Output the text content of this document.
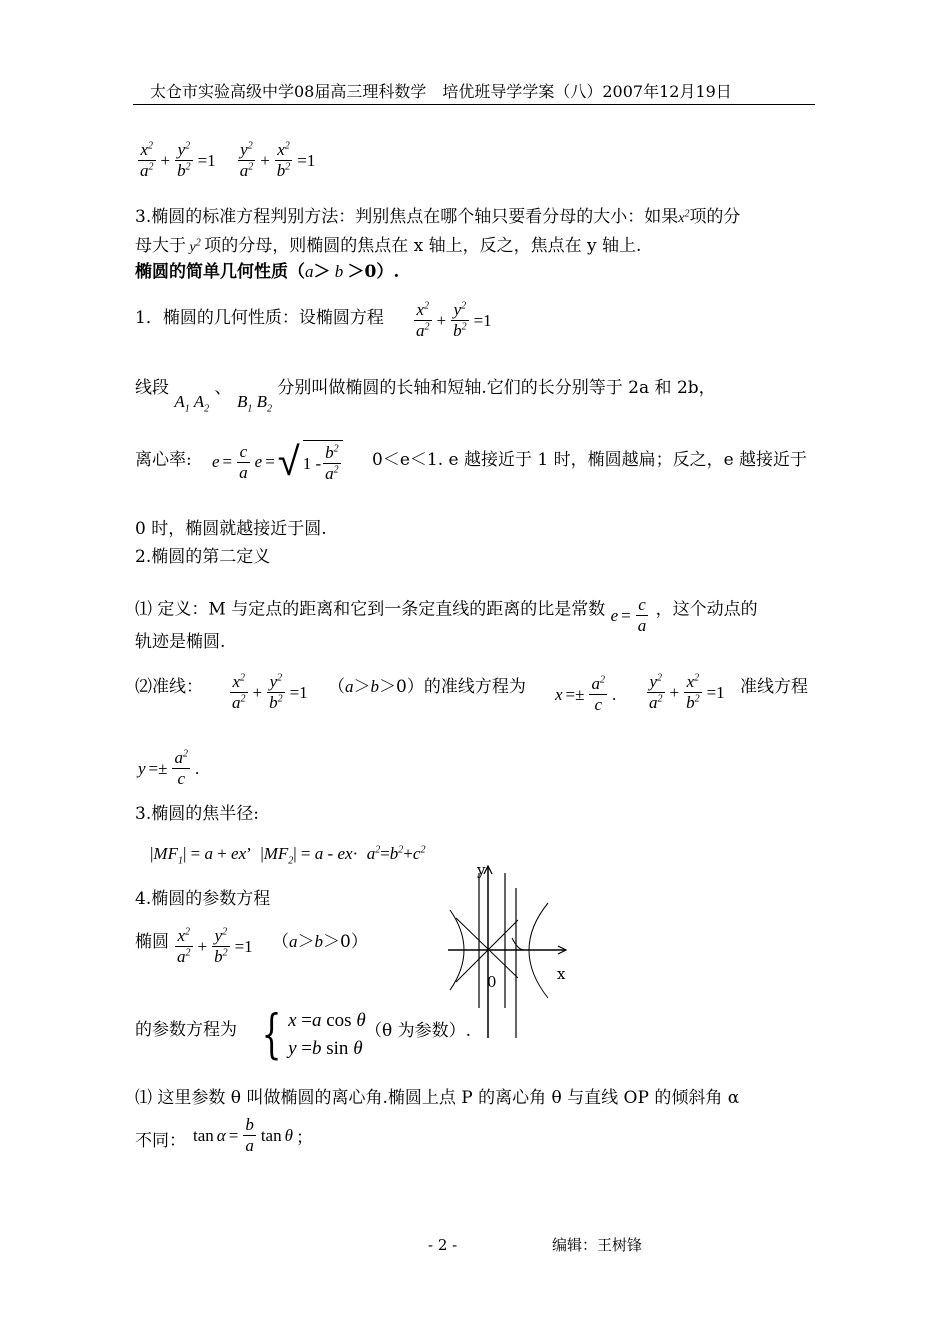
太仓市实验高级中学08届高三理科数学　培优班导学学案（八）2007年12月19日
$\frac{x^2}{a^2} + \frac{y^2}{b^2} =1 \frac{y^2}{a^2} + \frac{x^2}{b^2} =1$
3.椭圆的标准方程判别方法：判别焦点在哪个轴只要看分母的大小：如果$x^2$项的分
母大于 $y^2$ 项的分母，则椭圆的焦点在 x 轴上，反之，焦点在 y 轴上.
椭圆的简单几何性质（a＞ b ＞0）.
1．椭圆的几何性质：设椭圆方程 $\frac{x^2}{a^2} + \frac{y^2}{b^2} =1$
线段 $A_1$ $A_2$ 、 $B_1$ $B_2$ 分别叫做椭圆的长轴和短轴.它们的长分别等于 2a 和 2b，
离心率: $e = \frac{c}{a}$ e = √ $1 - \frac{b^2}{a^2} 0<e<1$. e 越接近于 1 时，椭圆越扁；反之，e 越接近于
0 时，椭圆就越接近于圆.
2.椭圆的第二定义
⑴ 定义：M 与定点的距离和它到一条定直线的距离的比是常数 $e = \frac{c}{a}$ ，这个动点的
轨迹是椭圆.
⑵准线： $\frac{x^2}{a^2} + \frac{y^2}{b^2} =1$ （a＞b＞0）的准线方程为 $x =\pm \frac{a^2}{c}$ . $\frac{y^2}{a^2} + \frac{x^2}{b^2} =1$ 准线方程
$y =\pm \frac{a^2}{c}$ .
3.椭圆的焦半径:
$|MF_1| = a$ + ex’ $|MF_2| = a - ex\cdot a^2=b^2+c^2$
4.椭圆的参数方程
椭圆 $\frac{x^2}{a^2} + \frac{y^2}{b^2} =1$ （a＞b＞0）
y
x
0
的参数方程为 { x =a cos θ
y =b sin θ
（θ 为参数）.
⑴ 这里参数 θ 叫做椭圆的离心角.椭圆上点 P 的离心角 θ 与直线 OP 的倾斜角 α
不同： $\tan \alpha = \frac{b}{a}$ tan θ ；
- 2 -	编辑：王树锋
